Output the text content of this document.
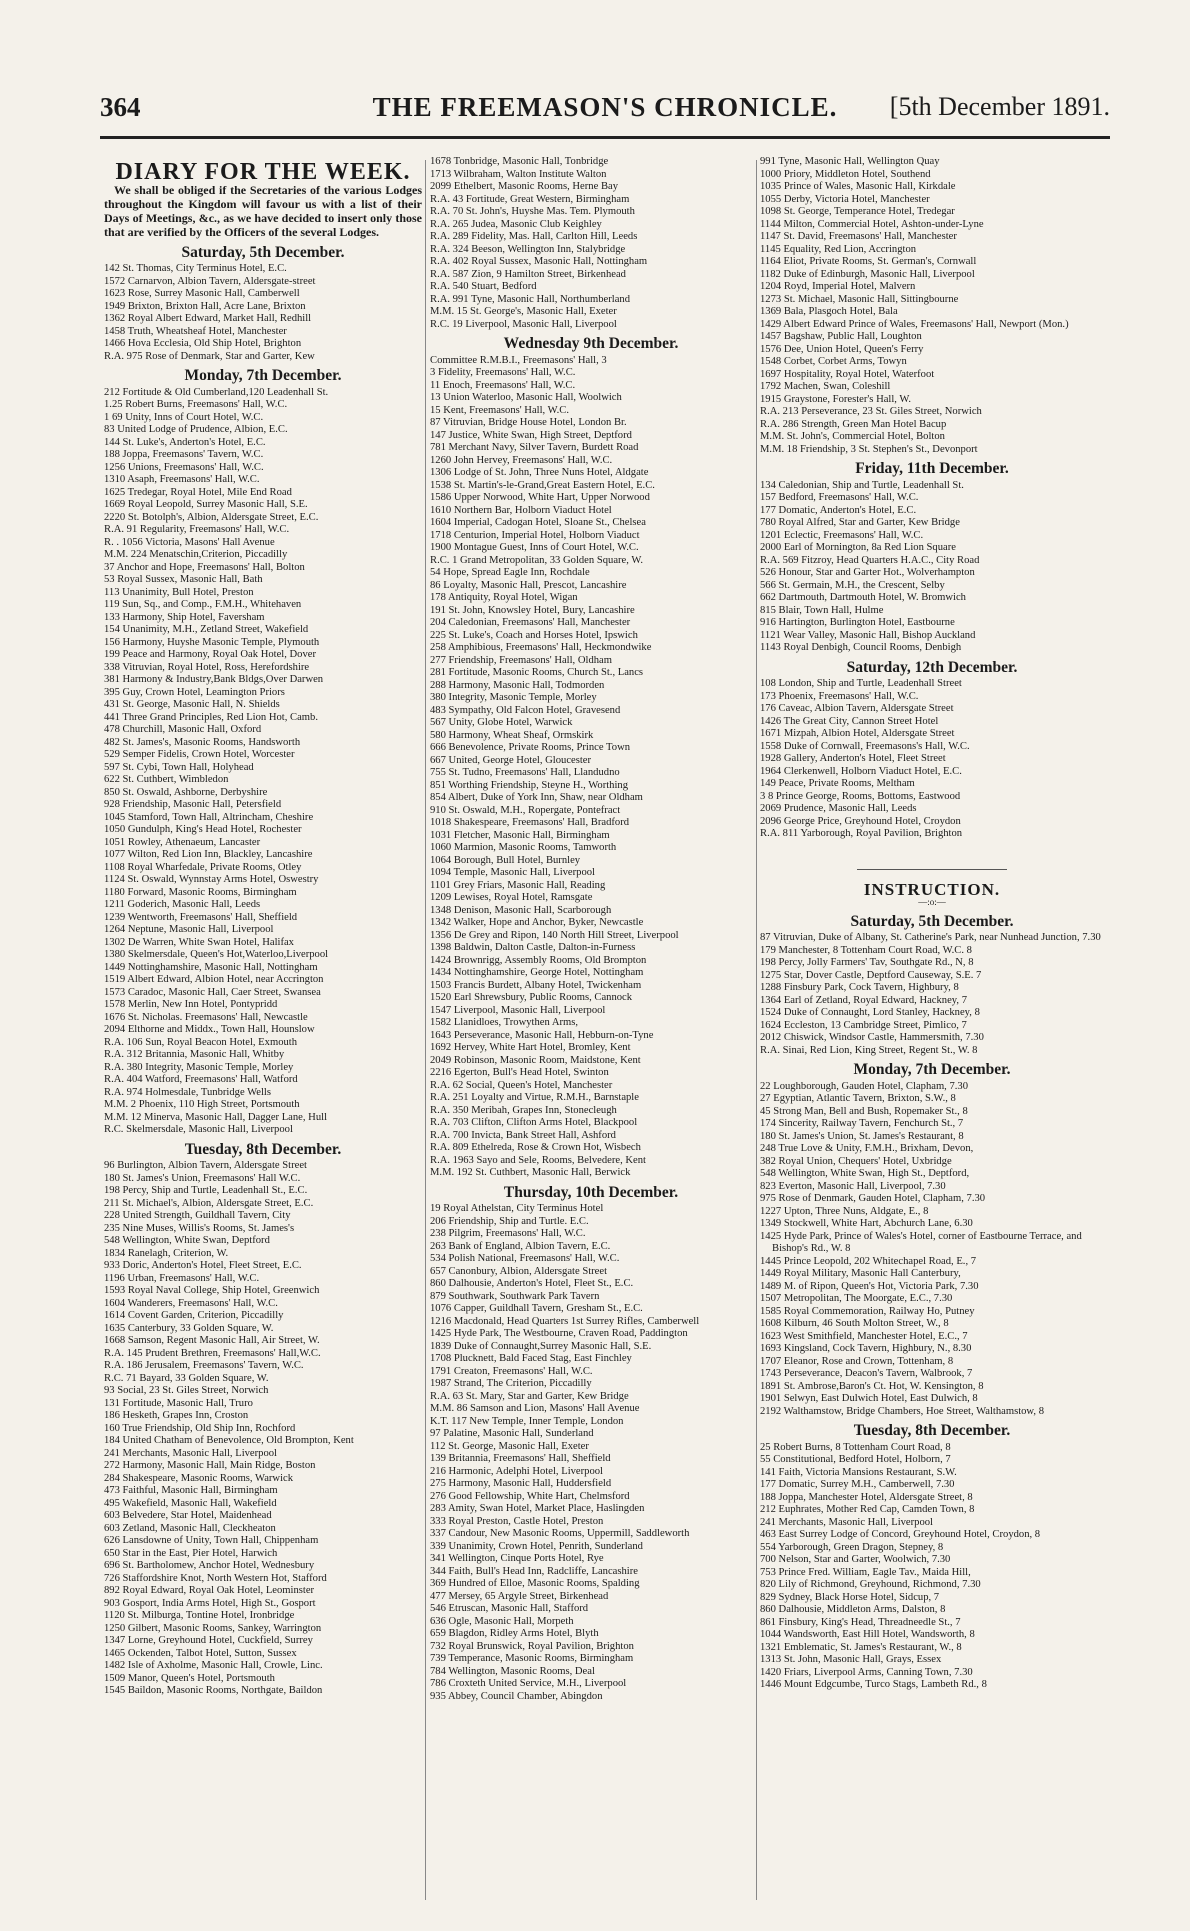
364	THE FREEMASON'S CHRONICLE.	[5th December 1891.
DIARY FOR THE WEEK.
We shall be obliged if the Secretaries of the various Lodges throughout the Kingdom will favour us with a list of their Days of Meetings, &c., as we have decided to insert only those that are verified by the Officers of the several Lodges.
Saturday, 5th December.
142 St. Thomas, City Terminus Hotel, E.C.
1572 Carnarvon, Albion Tavern, Aldersgate-street
1623 Rose, Surrey Masonic Hall, Camberwell
1949 Brixton, Brixton Hall, Acre Lane, Brixton
1362 Royal Albert Edward, Market Hall, Redhill
1458 Truth, Wheatsheaf Hotel, Manchester
1466 Hova Ecclesia, Old Ship Hotel, Brighton
R.A. 975 Rose of Denmark, Star and Garter, Kew
Monday, 7th December.
212 Fortitude & Old Cumberland,120 Leadenhall St.
1.25 Robert Burns, Freemasons' Hall, W.C.
1 69 Unity, Inns of Court Hotel, W.C.
83 United Lodge of Prudence, Albion, E.C.
144 St. Luke's, Anderton's Hotel, E.C.
188 Joppa, Freemasons' Tavern, W.C.
1256 Unions, Freemasons' Hall, W.C.
1310 Asaph, Freemasons' Hall, W.C.
1625 Tredegar, Royal Hotel, Mile End Road
1669 Royal Leopold, Surrey Masonic Hall, S.E.
2220 St. Botolph's, Albion, Aldersgate Street, E.C.
R.A. 91 Regularity, Freemasons' Hall, W.C.
R. . 1056 Victoria, Masons' Hall Avenue
M.M. 224 Menatschin,Criterion, Piccadilly
37 Anchor and Hope, Freemasons' Hall, Bolton
53 Royal Sussex, Masonic Hall, Bath
113 Unanimity, Bull Hotel, Preston
119 Sun, Sq., and Comp., F.M.H., Whitehaven
133 Harmony, Ship Hotel, Faversham
154 Unanimity, M.H., Zetland Street, Wakefield
156 Harmony, Huyshe Masonic Temple, Plymouth
199 Peace and Harmony, Royal Oak Hotel, Dover
338 Vitruvian, Royal Hotel, Ross, Herefordshire
381 Harmony & Industry,Bank Bldgs,Over Darwen
395 Guy, Crown Hotel, Leamington Priors
431 St. George, Masonic Hall, N. Shields
441 Three Grand Principles, Red Lion Hot, Camb.
478 Churchill, Masonic Hall, Oxford
482 St. James's, Masonic Rooms, Handsworth
529 Semper Fidelis, Crown Hotel, Worcester
597 St. Cybi, Town Hall, Holyhead
622 St. Cuthbert, Wimbledon
850 St. Oswald, Ashborne, Derbyshire
928 Friendship, Masonic Hall, Petersfield
1045 Stamford, Town Hall, Altrincham, Cheshire
1050 Gundulph, King's Head Hotel, Rochester
1051 Rowley, Athenaeum, Lancaster
1077 Wilton, Red Lion Inn, Blackley, Lancashire
1108 Royal Wharfedale, Private Rooms, Otley
1124 St. Oswald, Wynnstay Arms Hotel, Oswestry
1180 Forward, Masonic Rooms, Birmingham
1211 Goderich, Masonic Hall, Leeds
1239 Wentworth, Freemasons' Hall, Sheffield
1264 Neptune, Masonic Hall, Liverpool
1302 De Warren, White Swan Hotel, Halifax
1380 Skelmersdale, Queen's Hot,Waterloo,Liverpool
1449 Nottinghamshire, Masonic Hall, Nottingham
1519 Albert Edward, Albion Hotel, near Accrington
1573 Caradoc, Masonic Hall, Caer Street, Swansea
1578 Merlin, New Inn Hotel, Pontypridd
1676 St. Nicholas. Freemasons' Hall, Newcastle
2094 Elthorne and Middx., Town Hall, Hounslow
R.A. 106 Sun, Royal Beacon Hotel, Exmouth
R.A. 312 Britannia, Masonic Hall, Whitby
R.A. 380 Integrity, Masonic Temple, Morley
R.A. 404 Watford, Freemasons' Hall, Watford
R.A. 974 Holmesdale, Tunbridge Wells
M.M. 2 Phoenix, 110 High Street, Portsmouth
M.M. 12 Minerva, Masonic Hall, Dagger Lane, Hull
R.C. Skelmersdale, Masonic Hall, Liverpool
Tuesday, 8th December.
96 Burlington, Albion Tavern, Aldersgate Street
180 St. James's Union, Freemasons' Hall W.C.
198 Percy, Ship and Turtle, Leadenhall St., E.C.
211 St. Michael's, Albion, Aldersgate Street, E.C.
228 United Strength, Guildhall Tavern, City
235 Nine Muses, Willis's Rooms, St. James's
548 Wellington, White Swan, Deptford
1834 Ranelagh, Criterion, W.
933 Doric, Anderton's Hotel, Fleet Street, E.C.
1196 Urban, Freemasons' Hall, W.C.
1593 Royal Naval College, Ship Hotel, Greenwich
1604 Wanderers, Freemasons' Hall, W.C.
1614 Covent Garden, Criterion, Piccadilly
1635 Canterbury, 33 Golden Square, W.
1668 Samson, Regent Masonic Hall, Air Street, W.
R.A. 145 Prudent Brethren, Freemasons' Hall,W.C.
R.A. 186 Jerusalem, Freemasons' Tavern, W.C.
R.C. 71 Bayard, 33 Golden Square, W.
93 Social, 23 St. Giles Street, Norwich
131 Fortitude, Masonic Hall, Truro
186 Hesketh, Grapes Inn, Croston
160 True Friendship, Old Ship Inn, Rochford
184 United Chatham of Benevolence, Old Brompton, Kent
241 Merchants, Masonic Hall, Liverpool
272 Harmony, Masonic Hall, Main Ridge, Boston
284 Shakespeare, Masonic Rooms, Warwick
473 Faithful, Masonic Hall, Birmingham
495 Wakefield, Masonic Hall, Wakefield
603 Belvedere, Star Hotel, Maidenhead
603 Zetland, Masonic Hall, Cleckheaton
626 Lansdowne of Unity, Town Hall, Chippenham
650 Star in the East, Pier Hotel, Harwich
696 St. Bartholomew, Anchor Hotel, Wednesbury
726 Staffordshire Knot, North Western Hot, Stafford
892 Royal Edward, Royal Oak Hotel, Leominster
903 Gosport, India Arms Hotel, High St., Gosport
1120 St. Milburga, Tontine Hotel, Ironbridge
1250 Gilbert, Masonic Rooms, Sankey, Warrington
1347 Lorne, Greyhound Hotel, Cuckfield, Surrey
1465 Ockenden, Talbot Hotel, Sutton, Sussex
1482 Isle of Axholme, Masonic Hall, Crowle, Linc.
1509 Manor, Queen's Hotel, Portsmouth
1545 Baildon, Masonic Rooms, Northgate, Baildon
1678 Tonbridge, Masonic Hall, Tonbridge
1713 Wilbraham, Walton Institute Walton
2099 Ethelbert, Masonic Rooms, Herne Bay
R.A. 43 Fortitude, Great Western, Birmingham
R.A. 70 St. John's, Huyshe Mas. Tem. Plymouth
R.A. 265 Judea, Masonic Club Keighley
R.A. 289 Fidelity, Mas. Hall, Carlton Hill, Leeds
R.A. 324 Beeson, Wellington Inn, Stalybridge
R.A. 402 Royal Sussex, Masonic Hall, Nottingham
R.A. 587 Zion, 9 Hamilton Street, Birkenhead
R.A. 540 Stuart, Bedford
R.A. 991 Tyne, Masonic Hall, Northumberland
M.M. 15 St. George's, Masonic Hall, Exeter
R.C. 19 Liverpool, Masonic Hall, Liverpool
Wednesday 9th December.
Committee R.M.B.I., Freemasons' Hall, 3
3 Fidelity, Freemasons' Hall, W.C.
11 Enoch, Freemasons' Hall, W.C.
13 Union Waterloo, Masonic Hall, Woolwich
15 Kent, Freemasons' Hall, W.C.
87 Vitruvian, Bridge House Hotel, London Br.
147 Justice, White Swan, High Street, Deptford
781 Merchant Navy, Silver Tavern, Burdett Road
1260 John Hervey, Freemasons' Hall, W.C.
1306 Lodge of St. John, Three Nuns Hotel, Aldgate
1538 St. Martin's-le-Grand,Great Eastern Hotel, E.C.
1586 Upper Norwood, White Hart, Upper Norwood
1610 Northern Bar, Holborn Viaduct Hotel
1604 Imperial, Cadogan Hotel, Sloane St., Chelsea
1718 Centurion, Imperial Hotel, Holborn Viaduct
1900 Montague Guest, Inns of Court Hotel, W.C.
R.C. 1 Grand Metropolitan, 33 Golden Square, W.
54 Hope, Spread Eagle Inn, Rochdale
86 Loyalty, Masonic Hall, Prescot, Lancashire
178 Antiquity, Royal Hotel, Wigan
191 St. John, Knowsley Hotel, Bury, Lancashire
204 Caledonian, Freemasons' Hall, Manchester
225 St. Luke's, Coach and Horses Hotel, Ipswich
258 Amphibious, Freemasons' Hall, Heckmondwike
277 Friendship, Freemasons' Hall, Oldham
281 Fortitude, Masonic Rooms, Church St., Lancs
288 Harmony, Masonic Hall, Todmorden
380 Integrity, Masonic Temple, Morley
483 Sympathy, Old Falcon Hotel, Gravesend
567 Unity, Globe Hotel, Warwick
580 Harmony, Wheat Sheaf, Ormskirk
666 Benevolence, Private Rooms, Prince Town
667 United, George Hotel, Gloucester
755 St. Tudno, Freemasons' Hall, Llandudno
851 Worthing Friendship, Steyne H., Worthing
854 Albert, Duke of York Inn, Shaw, near Oldham
910 St. Oswald, M.H., Ropergate, Pontefract
1018 Shakespeare, Freemasons' Hall, Bradford
1031 Fletcher, Masonic Hall, Birmingham
1060 Marmion, Masonic Rooms, Tamworth
1064 Borough, Bull Hotel, Burnley
1094 Temple, Masonic Hall, Liverpool
1101 Grey Friars, Masonic Hall, Reading
1209 Lewises, Royal Hotel, Ramsgate
1348 Denison, Masonic Hall, Scarborough
1342 Walker, Hope and Anchor, Byker, Newcastle
1356 De Grey and Ripon, 140 North Hill Street, Liverpool
1398 Baldwin, Dalton Castle, Dalton-in-Furness
1424 Brownrigg, Assembly Rooms, Old Brompton
1434 Nottinghamshire, George Hotel, Nottingham
1503 Francis Burdett, Albany Hotel, Twickenham
1520 Earl Shrewsbury, Public Rooms, Cannock
1547 Liverpool, Masonic Hall, Liverpool
1582 Llanidloes, Trowythen Arms,
1643 Perseverance, Masonic Hall, Hebburn-on-Tyne
1692 Hervey, White Hart Hotel, Bromley, Kent
2049 Robinson, Masonic Room, Maidstone, Kent
2216 Egerton, Bull's Head Hotel, Swinton
R.A. 62 Social, Queen's Hotel, Manchester
R.A. 251 Loyalty and Virtue, R.M.H., Barnstaple
R.A. 350 Meribah, Grapes Inn, Stonecleugh
R.A. 703 Clifton, Clifton Arms Hotel, Blackpool
R.A. 700 Invicta, Bank Street Hall, Ashford
R.A. 809 Ethelreda, Rose & Crown Hot, Wisbech
R.A. 1963 Sayo and Sele, Rooms, Belvedere, Kent
M.M. 192 St. Cuthbert, Masonic Hall, Berwick
Thursday, 10th December.
19 Royal Athelstan, City Terminus Hotel
206 Friendship, Ship and Turtle. E.C.
238 Pilgrim, Freemasons' Hall, W.C.
263 Bank of England, Albion Tavern, E.C.
534 Polish National, Freemasons' Hall, W.C.
657 Canonbury, Albion, Aldersgate Street
860 Dalhousie, Anderton's Hotel, Fleet St., E.C.
879 Southwark, Southwark Park Tavern
1076 Capper, Guildhall Tavern, Gresham St., E.C.
1216 Macdonald, Head Quarters 1st Surrey Rifles, Camberwell
1425 Hyde Park, The Westbourne, Craven Road, Paddington
1839 Duke of Connaught,Surrey Masonic Hall, S.E.
1708 Plucknett, Bald Faced Stag, East Finchley
1791 Creaton, Freemasons' Hall, W.C.
1987 Strand, The Criterion, Piccadilly
R.A. 63 St. Mary, Star and Garter, Kew Bridge
M.M. 86 Samson and Lion, Masons' Hall Avenue
K.T. 117 New Temple, Inner Temple, London
97 Palatine, Masonic Hall, Sunderland
112 St. George, Masonic Hall, Exeter
139 Britannia, Freemasons' Hall, Sheffield
216 Harmonic, Adelphi Hotel, Liverpool
275 Harmony, Masonic Hall, Huddersfield
276 Good Fellowship, White Hart, Chelmsford
283 Amity, Swan Hotel, Market Place, Haslingden
333 Royal Preston, Castle Hotel, Preston
337 Candour, New Masonic Rooms, Uppermill, Saddleworth
339 Unanimity, Crown Hotel, Penrith, Sunderland
341 Wellington, Cinque Ports Hotel, Rye
344 Faith, Bull's Head Inn, Radcliffe, Lancashire
369 Hundred of Elloe, Masonic Rooms, Spalding
477 Mersey, 65 Argyle Street, Birkenhead
546 Etruscan, Masonic Hall, Stafford
636 Ogle, Masonic Hall, Morpeth
659 Blagdon, Ridley Arms Hotel, Blyth
732 Royal Brunswick, Royal Pavilion, Brighton
739 Temperance, Masonic Rooms, Birmingham
784 Wellington, Masonic Rooms, Deal
786 Croxteth United Service, M.H., Liverpool
935 Abbey, Council Chamber, Abingdon
991 Tyne, Masonic Hall, Wellington Quay
1000 Priory, Middleton Hotel, Southend
1035 Prince of Wales, Masonic Hall, Kirkdale
1055 Derby, Victoria Hotel, Manchester
1098 St. George, Temperance Hotel, Tredegar
1144 Milton, Commercial Hotel, Ashton-under-Lyne
1147 St. David, Freemasons' Hall, Manchester
1145 Equality, Red Lion, Accrington
1164 Eliot, Private Rooms, St. German's, Cornwall
1182 Duke of Edinburgh, Masonic Hall, Liverpool
1204 Royd, Imperial Hotel, Malvern
1273 St. Michael, Masonic Hall, Sittingbourne
1369 Bala, Plasgoch Hotel, Bala
1429 Albert Edward Prince of Wales, Freemasons' Hall, Newport (Mon.)
1457 Bagshaw, Public Hall, Loughton
1576 Dee, Union Hotel, Queen's Ferry
1548 Corbet, Corbet Arms, Towyn
1697 Hospitality, Royal Hotel, Waterfoot
1792 Machen, Swan, Coleshill
1915 Graystone, Forester's Hall, W.
R.A. 213 Perseverance, 23 St. Giles Street, Norwich
R.A. 286 Strength, Green Man Hotel Bacup
M.M. St. John's, Commercial Hotel, Bolton
M.M. 18 Friendship, 3 St. Stephen's St., Devonport
Friday, 11th December.
134 Caledonian, Ship and Turtle, Leadenhall St.
157 Bedford, Freemasons' Hall, W.C.
177 Domatic, Anderton's Hotel, E.C.
780 Royal Alfred, Star and Garter, Kew Bridge
1201 Eclectic, Freemasons' Hall, W.C.
2000 Earl of Mornington, 8a Red Lion Square
R.A. 569 Fitzroy, Head Quarters H.A.C., City Road
526 Honour, Star and Garter Hot., Wolverhampton
566 St. Germain, M.H., the Crescent, Selby
662 Dartmouth, Dartmouth Hotel, W. Bromwich
815 Blair, Town Hall, Hulme
916 Hartington, Burlington Hotel, Eastbourne
1121 Wear Valley, Masonic Hall, Bishop Auckland
1143 Royal Denbigh, Council Rooms, Denbigh
Saturday, 12th December.
108 London, Ship and Turtle, Leadenhall Street
173 Phoenix, Freemasons' Hall, W.C.
176 Caveac, Albion Tavern, Aldersgate Street
1426 The Great City, Cannon Street Hotel
1671 Mizpah, Albion Hotel, Aldersgate Street
1558 Duke of Cornwall, Freemasons's Hall, W.C.
1928 Gallery, Anderton's Hotel, Fleet Street
1964 Clerkenwell, Holborn Viaduct Hotel, E.C.
149 Peace, Private Rooms, Meltham
3 8 Prince George, Rooms, Bottoms, Eastwood
2069 Prudence, Masonic Hall, Leeds
2096 George Price, Greyhound Hotel, Croydon
R.A. 811 Yarborough, Royal Pavilion, Brighton
INSTRUCTION.
—:o:—
Saturday, 5th December.
87 Vitruvian, Duke of Albany, St. Catherine's Park, near Nunhead Junction, 7.30
179 Manchester, 8 Tottenham Court Road, W.C. 8
198 Percy, Jolly Farmers' Tav, Southgate Rd., N, 8
1275 Star, Dover Castle, Deptford Causeway, S.E. 7
1288 Finsbury Park, Cock Tavern, Highbury, 8
1364 Earl of Zetland, Royal Edward, Hackney, 7
1524 Duke of Connaught, Lord Stanley, Hackney, 8
1624 Eccleston, 13 Cambridge Street, Pimlico, 7
2012 Chiswick, Windsor Castle, Hammersmith, 7.30
R.A. Sinai, Red Lion, King Street, Regent St., W. 8
Monday, 7th December.
22 Loughborough, Gauden Hotel, Clapham, 7.30
27 Egyptian, Atlantic Tavern, Brixton, S.W., 8
45 Strong Man, Bell and Bush, Ropemaker St., 8
174 Sincerity, Railway Tavern, Fenchurch St., 7
180 St. James's Union, St. James's Restaurant, 8
248 True Love & Unity, F.M.H., Brixham, Devon,
382 Royal Union, Chequers' Hotel, Uxbridge
548 Wellington, White Swan, High St., Deptford,
823 Everton, Masonic Hall, Liverpool, 7.30
975 Rose of Denmark, Gauden Hotel, Clapham, 7.30
1227 Upton, Three Nuns, Aldgate, E., 8
1349 Stockwell, White Hart, Abchurch Lane, 6.30
1425 Hyde Park, Prince of Wales's Hotel, corner of Eastbourne Terrace, and Bishop's Rd., W. 8
1445 Prince Leopold, 202 Whitechapel Road, E., 7
1449 Royal Military, Masonic Hall Canterbury,
1489 M. of Ripon, Queen's Hot, Victoria Park, 7.30
1507 Metropolitan, The Moorgate, E.C., 7.30
1585 Royal Commemoration, Railway Ho, Putney
1608 Kilburn, 46 South Molton Street, W., 8
1623 West Smithfield, Manchester Hotel, E.C., 7
1693 Kingsland, Cock Tavern, Highbury, N., 8.30
1707 Eleanor, Rose and Crown, Tottenham, 8
1743 Perseverance, Deacon's Tavern, Walbrook, 7
1891 St. Ambrose,Baron's Ct. Hot, W. Kensington, 8
1901 Selwyn, East Dulwich Hotel, East Dulwich, 8
2192 Walthamstow, Bridge Chambers, Hoe Street, Walthamstow, 8
Tuesday, 8th December.
25 Robert Burns, 8 Tottenham Court Road, 8
55 Constitutional, Bedford Hotel, Holborn, 7
141 Faith, Victoria Mansions Restaurant, S.W.
177 Domatic, Surrey M.H., Camberwell, 7.30
188 Joppa, Manchester Hotel, Aldersgate Street, 8
212 Euphrates, Mother Red Cap, Camden Town, 8
241 Merchants, Masonic Hall, Liverpool
463 East Surrey Lodge of Concord, Greyhound Hotel, Croydon, 8
554 Yarborough, Green Dragon, Stepney, 8
700 Nelson, Star and Garter, Woolwich, 7.30
753 Prince Fred. William, Eagle Tav., Maida Hill,
820 Lily of Richmond, Greyhound, Richmond, 7.30
829 Sydney, Black Horse Hotel, Sidcup, 7
860 Dalhousie, Middleton Arms, Dalston, 8
861 Finsbury, King's Head, Threadneedle St., 7
1044 Wandsworth, East Hill Hotel, Wandsworth, 8
1321 Emblematic, St. James's Restaurant, W., 8
1313 St. John, Masonic Hall, Grays, Essex
1420 Friars, Liverpool Arms, Canning Town, 7.30
1446 Mount Edgcumbe, Turco Stags, Lambeth Rd., 8
